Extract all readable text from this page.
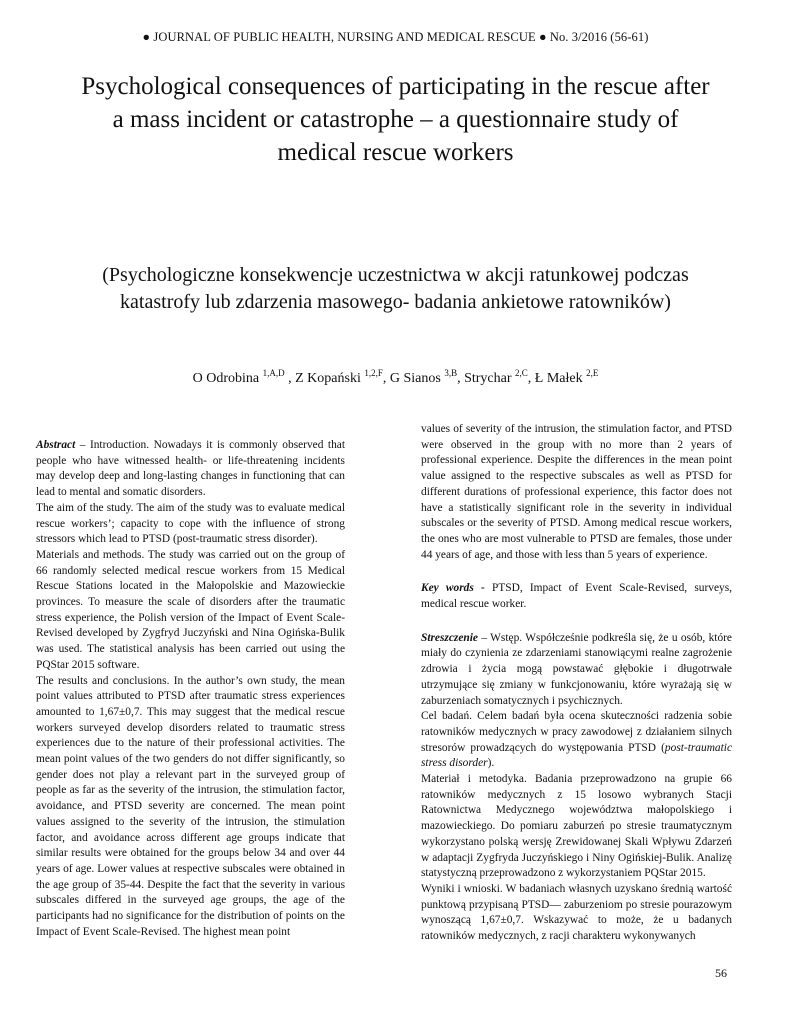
● JOURNAL OF PUBLIC HEALTH, NURSING AND MEDICAL RESCUE ● No. 3/2016 (56-61)
Psychological consequences of participating in the rescue after a mass incident or catastrophe – a questionnaire study of medical rescue workers
(Psychologiczne konsekwencje uczestnictwa w akcji ratunkowej podczas katastrofy lub zdarzenia masowego- badania ankietowe ratowników)
O Odrobina $^{1,A,D}$ , Z Kopański $^{1,2,F}$, G Sianos $^{3,B}$, Strychar $^{2,C}$, Ł Małek $^{2,E}$

Abstract – Introduction. Nowadays it is commonly observed that people who have witnessed health- or life-threatening incidents may develop deep and long-lasting changes in functioning that can lead to mental and somatic disorders.

The aim of the study. The aim of the study was to evaluate medical rescue workers’; capacity to cope with the influence of strong stressors which lead to PTSD (post-traumatic stress disorder).

Materials and methods. The study was carried out on the group of 66 randomly selected medical rescue workers from 15 Medical Rescue Stations located in the Małopolskie and Mazowieckie provinces. To measure the scale of disorders after the traumatic stress experience, the Polish version of the Impact of Event Scale-Revised developed by Zygfryd Juczyński and Nina Ogińska-Bulik was used. The statistical analysis has been carried out using the PQStar 2015 software.

The results and conclusions. In the author’s own study, the mean point values attributed to PTSD after traumatic stress experiences amounted to 1,67±0,7. This may suggest that the medical rescue workers surveyed develop disorders related to traumatic stress experiences due to the nature of their professional activities. The mean point values of the two genders do not differ significantly, so gender does not play a relevant part in the surveyed group of people as far as the severity of the intrusion, the stimulation factor, avoidance, and PTSD severity are concerned. The mean point values assigned to the severity of the intrusion, the stimulation factor, and avoidance across different age groups indicate that similar results were obtained for the groups below 34 and over 44 years of age. Lower values at respective subscales were obtained in the age group of 35-44. Despite the fact that the severity in various subscales differed in the surveyed age groups, the age of the participants had no significance for the distribution of points on the Impact of Event Scale-Revised. The highest mean point

values of severity of the intrusion, the stimulation factor, and PTSD were observed in the group with no more than 2 years of professional experience. Despite the differences in the mean point value assigned to the respective subscales as well as PTSD for different durations of professional experience, this factor does not have a statistically significant role in the severity in individual subscales or the severity of PTSD. Among medical rescue workers, the ones who are most vulnerable to PTSD are females, those under 44 years of age, and those with less than 5 years of experience.

Key words - PTSD, Impact of Event Scale-Revised, surveys, medical rescue worker.

Streszczenie – Wstęp. Współcześnie podkreśla się, że u osób, które miały do czynienia ze zdarzeniami stanowiącymi realne zagrożenie zdrowia i życia mogą powstawać głębokie i długotrwałe utrzymujące się zmiany w funkcjonowaniu, które wyrażają się w zaburzeniach somatycznych i psychicznych.

Cel badań. Celem badań była ocena skuteczności radzenia sobie ratowników medycznych w pracy zawodowej z działaniem silnych stresorów prowadzących do występowania PTSD (post-traumatic stress disorder).

Materiał i metodyka. Badania przeprowadzono na grupie 66 ratowników medycznych z 15 losowo wybranych Stacji Ratownictwa Medycznego województwa małopolskiego i mazowieckiego. Do pomiaru zaburzeń po stresie traumatycznym wykorzystano polską wersję Zrewidowanej Skali Wpływu Zdarzeń w adaptacji Zygfryda Juczyńskiego i Niny Ogińskiej-Bulik. Analizę statystyczną przeprowadzono z wykorzystaniem PQStar 2015.

Wyniki i wnioski. W badaniach własnych uzyskano średnią wartość punktową przypisaną PTSD— zaburzeniom po stresie pourazowym wynoszącą 1,67±0,7. Wskazywać to może, że u badanych ratowników medycznych, z racji charakteru wykonywanych

56
